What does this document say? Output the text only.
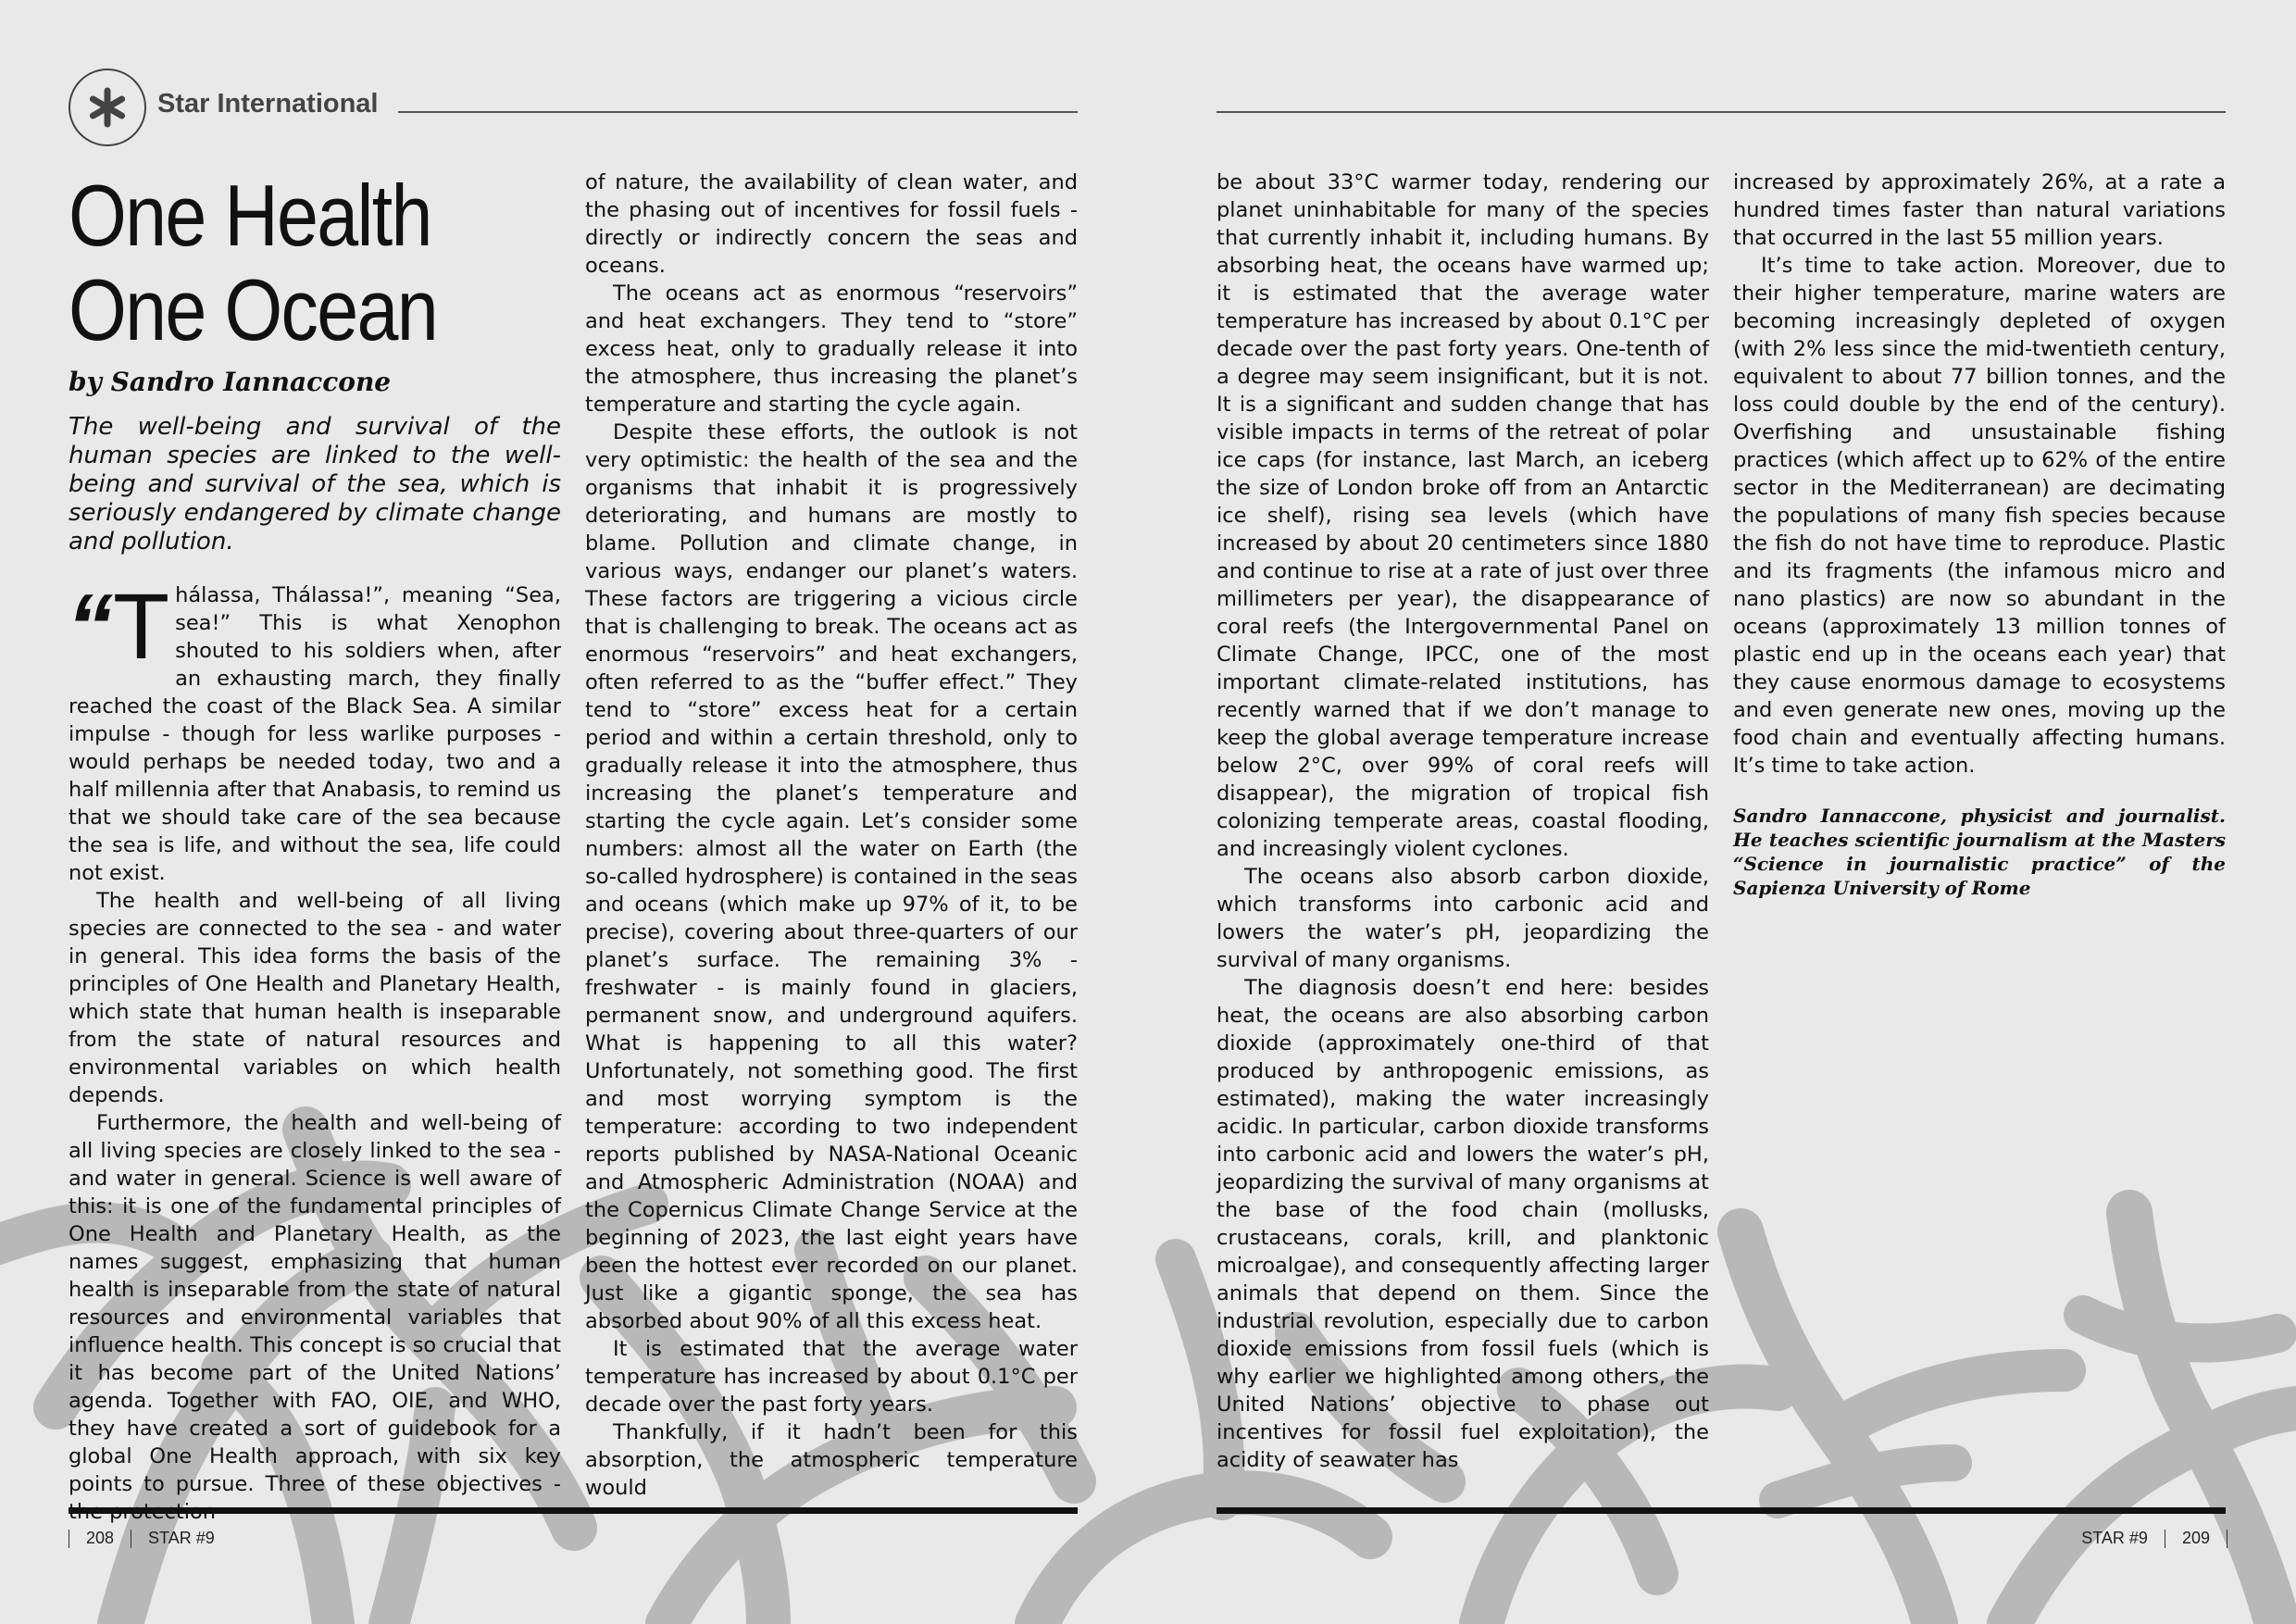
Star International
One Health
One Ocean
by Sandro Iannaccone
The well-being and survival of the human species are linked to the well-being and survival of the sea, which is seriously endangered by climate change and pollution.

“T hálassa, Thálassa!”, meaning “Sea, sea!” This is what Xenophon shouted to his soldiers when, after an exhausting march, they finally reached the coast of the Black Sea. A similar impulse - though for less warlike purposes - would perhaps be needed today, two and a half millennia after that Anabasis, to remind us that we should take care of the sea because the sea is life, and without the sea, life could not exist.

The health and well-being of all living species are connected to the sea - and water in general. This idea forms the basis of the principles of One Health and Planetary Health, which state that human health is inseparable from the state of natural resources and environmental variables on which health depends.

Furthermore, the health and well-being of all living species are closely linked to the sea - and water in general. Science is well aware of this: it is one of the fundamental principles of One Health and Planetary Health, as the names suggest, emphasizing that human health is inseparable from the state of natural resources and environmental variables that influence health. This concept is so crucial that it has become part of the United Nations’ agenda. Together with FAO, OIE, and WHO, they have created a sort of guidebook for a global One Health approach, with six key points to pursue. Three of these objectives -

of nature, the availability of clean water, and the phasing out of incentives for fossil fuels - directly or indirectly concern the seas and oceans.

The oceans act as enormous “reservoirs” and heat exchangers. They tend to “store” excess heat, only to gradually release it into the atmosphere, thus increasing the planet’s temperature and starting the cycle again.

Despite these efforts, the outlook is not very optimistic: the health of the sea and the organisms that inhabit it is progressively deteriorating, and humans are mostly to blame. Pollution and climate change, in various ways, endanger our planet’s waters. These factors are triggering a vicious circle that is challenging to break. The oceans act as enormous “reservoirs” and heat exchangers, often referred to as the “buffer effect.” They tend to “store” excess heat for a certain period and within a certain threshold, only to gradually release it into the atmosphere, thus increasing the planet’s temperature and starting the cycle again. Let’s consider some numbers: almost all the water on Earth (the so-called hydrosphere) is contained in the seas and oceans (which make up 97% of it, to be precise), covering about three-quarters of our planet’s surface. The remaining 3% - freshwater - is mainly found in glaciers, permanent snow, and underground aquifers. What is happening to all this water? Unfortunately, not something good. The first and most worrying symptom is the temperature: according to two independent reports published by NASA-National Oceanic and Atmospheric Administration (NOAA) and the Copernicus Climate Change Service at the beginning of 2023, the last eight years have been the hottest ever recorded on our planet. Just like a gigantic sponge, the sea has absorbed about 90% of all this excess heat.

It is estimated that the average water temperature has increased by about 0.1°C per decade over the past forty years.

Thankfully, if it hadn’t been for this absorption, the atmospheric temperature would

208 STAR #9

be about 33°C warmer today, rendering our planet uninhabitable for many of the species that currently inhabit it, including humans. By absorbing heat, the oceans have warmed up; it is estimated that the average water temperature has increased by about 0.1°C per decade over the past forty years. One-tenth of a degree may seem insignificant, but it is not. It is a significant and sudden change that has visible impacts in terms of the retreat of polar ice caps (for instance, last March, an iceberg the size of London broke off from an Antarctic ice shelf), rising sea levels (which have increased by about 20 centimeters since 1880 and continue to rise at a rate of just over three millimeters per year), the disappearance of coral reefs (the Intergovernmental Panel on Climate Change, IPCC, one of the most important climate-related institutions, has recently warned that if we don’t manage to keep the global average temperature increase below 2°C, over 99% of coral reefs will disappear), the migration of tropical fish colonizing temperate areas, coastal flooding, and increasingly violent cyclones.

The oceans also absorb carbon dioxide, which transforms into carbonic acid and lowers the water’s pH, jeopardizing the survival of many organisms.

The diagnosis doesn’t end here: besides heat, the oceans are also absorbing carbon dioxide (approximately one-third of that produced by anthropogenic emissions, as estimated), making the water increasingly acidic. In particular, carbon dioxide transforms into carbonic acid and lowers the water’s pH, jeopardizing the survival of many organisms at the base of the food chain (mollusks, crustaceans, corals, krill, and planktonic microalgae), and consequently affecting larger animals that depend on them. Since the industrial revolution, especially due to carbon dioxide emissions from fossil fuels (which is why earlier we highlighted among others, the United Nations’ objective to phase out incentives for fossil fuel exploitation), the acidity of seawater has

increased by approximately 26%, at a rate a hundred times faster than natural variations that occurred in the last 55 million years.

It’s time to take action. Moreover, due to their higher temperature, marine waters are becoming increasingly depleted of oxygen (with 2% less since the mid-twentieth century, equivalent to about 77 billion tonnes, and the loss could double by the end of the century). Overfishing and unsustainable fishing practices (which affect up to 62% of the entire sector in the Mediterranean) are decimating the populations of many fish species because the fish do not have time to reproduce. Plastic and its fragments (the infamous micro and nano plastics) are now so abundant in the oceans (approximately 13 million tonnes of plastic end up in the oceans each year) that they cause enormous damage to ecosystems and even generate new ones, moving up the food chain and eventually affecting humans. It’s time to take action.

Sandro Iannaccone, physicist and journalist. He teaches scientific journalism at the Masters “Science in journalistic practice” of the Sapienza University of Rome
STAR #9 209
